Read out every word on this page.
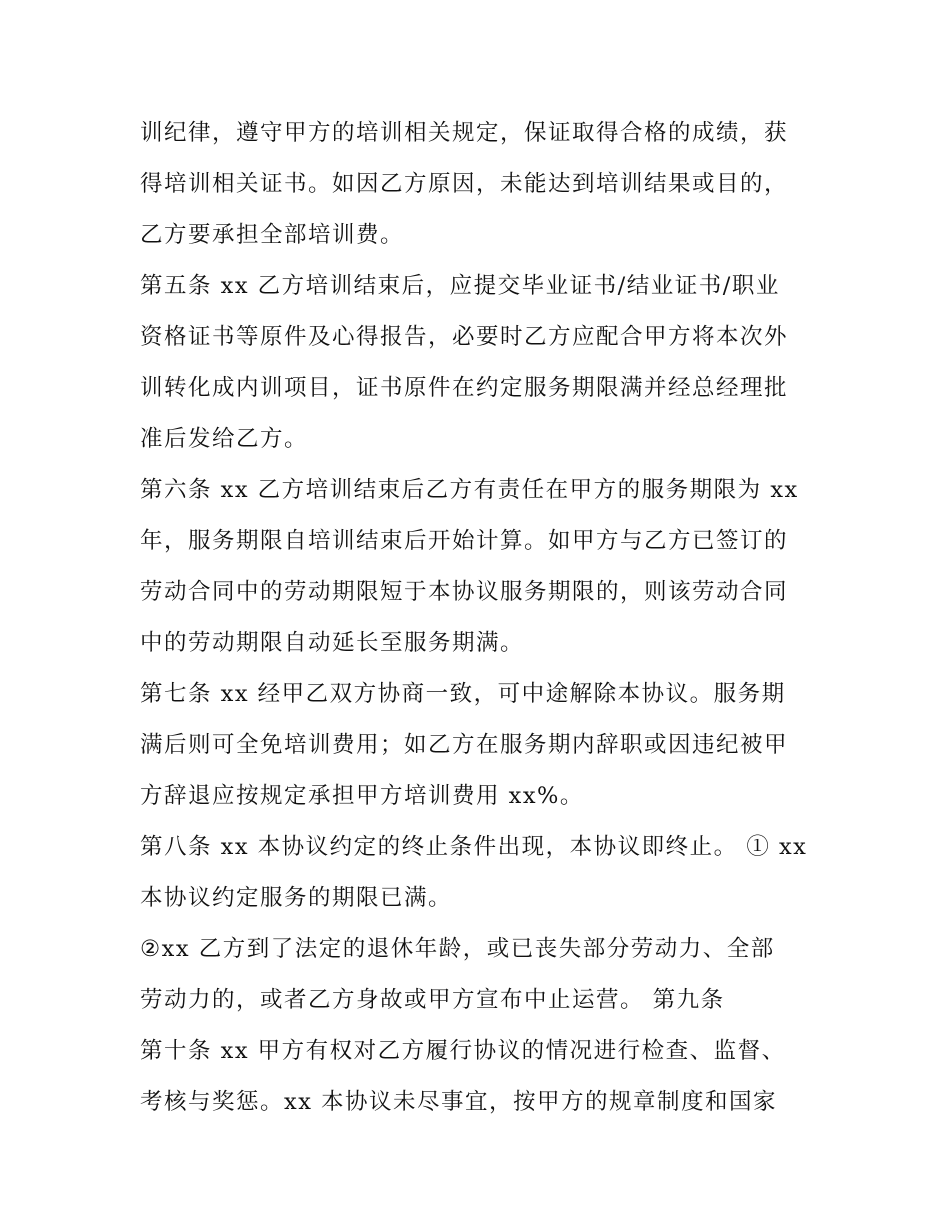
训纪律，遵守甲方的培训相关规定，保证取得合格的成绩，获
得培训相关证书。如因乙方原因，未能达到培训结果或目的，
乙方要承担全部培训费。
第五条 xx 乙方培训结束后，应提交毕业证书/结业证书/职业
资格证书等原件及心得报告，必要时乙方应配合甲方将本次外
训转化成内训项目，证书原件在约定服务期限满并经总经理批
准后发给乙方。
第六条 xx 乙方培训结束后乙方有责任在甲方的服务期限为 xx
年，服务期限自培训结束后开始计算。如甲方与乙方已签订的
劳动合同中的劳动期限短于本协议服务期限的，则该劳动合同
中的劳动期限自动延长至服务期满。
第七条 xx 经甲乙双方协商一致，可中途解除本协议。服务期
满后则可全免培训费用；如乙方在服务期内辞职或因违纪被甲
方辞退应按规定承担甲方培训费用 xx%。
第八条 xx 本协议约定的终止条件出现，本协议即终止。 ① xx
本协议约定服务的期限已满。
②xx 乙方到了法定的退休年龄，或已丧失部分劳动力、全部
劳动力的，或者乙方身故或甲方宣布中止运营。 第九条
第十条 xx 甲方有权对乙方履行协议的情况进行检查、监督、
考核与奖惩。xx 本协议未尽事宜，按甲方的规章制度和国家
